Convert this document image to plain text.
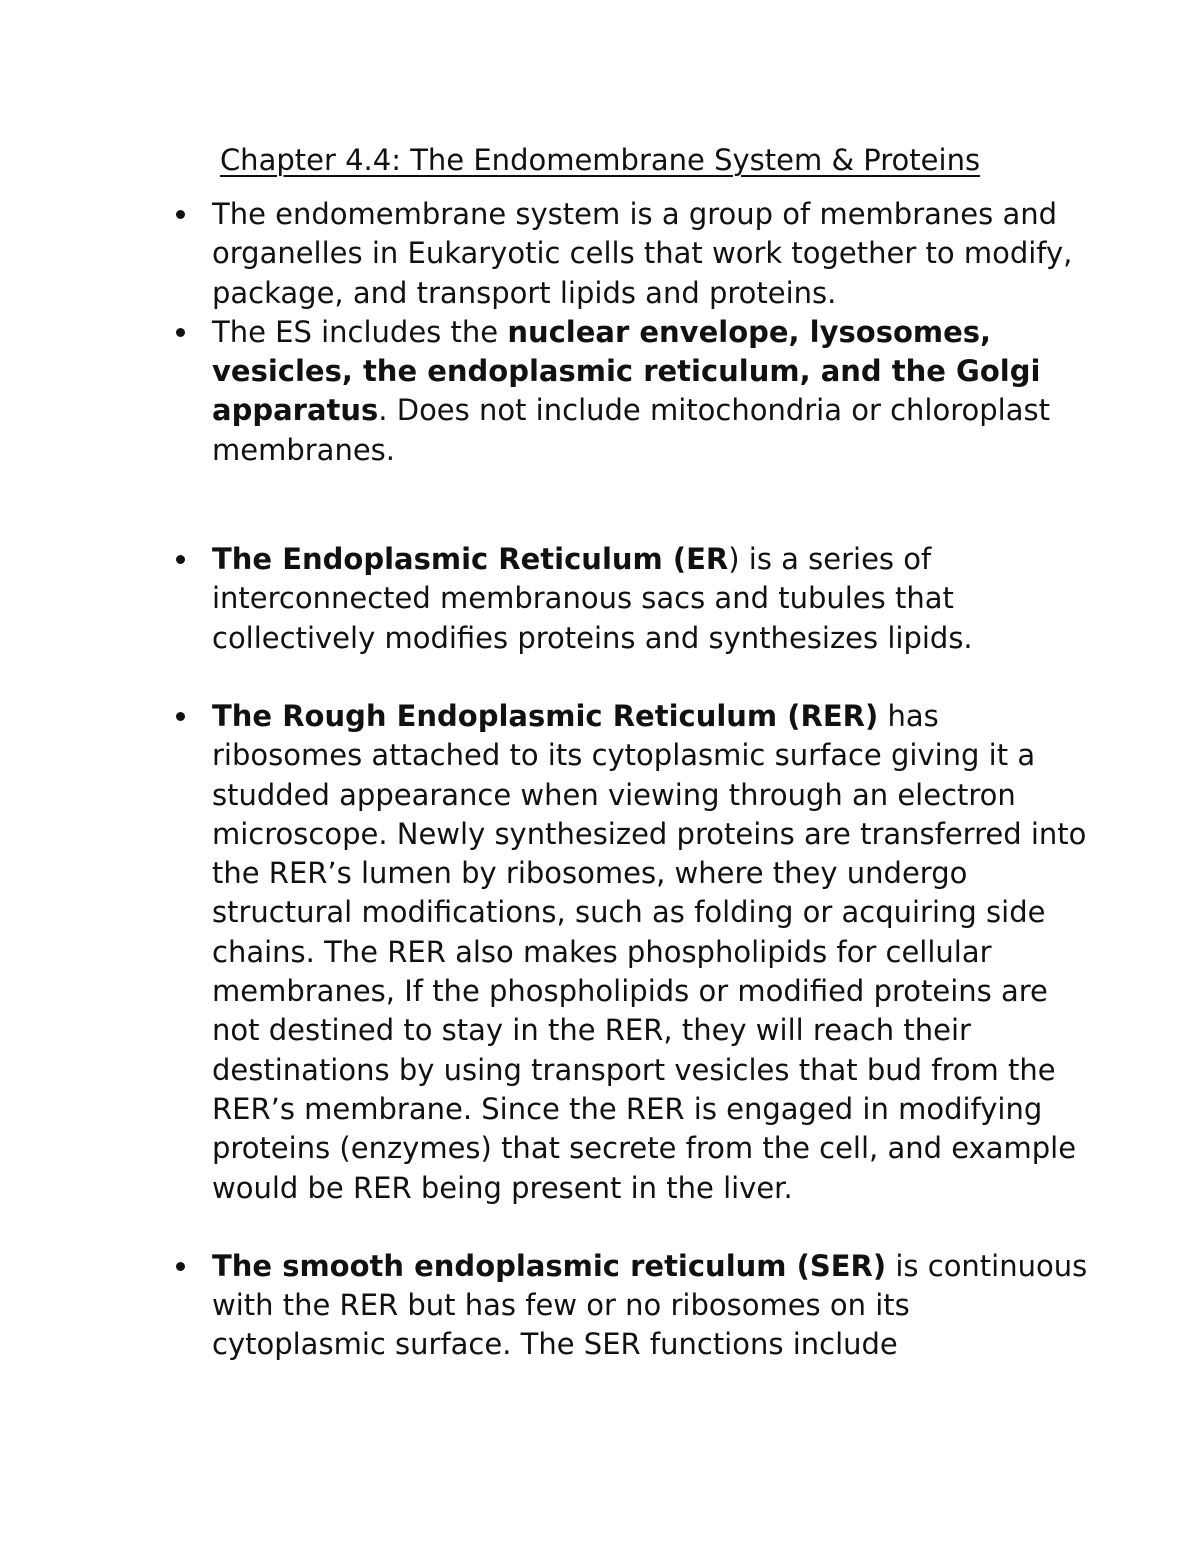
Chapter 4.4: The Endomembrane System & Proteins
The endomembrane system is a group of membranes and organelles in Eukaryotic cells that work together to modify, package, and transport lipids and proteins.
The ES includes the nuclear envelope, lysosomes, vesicles, the endoplasmic reticulum, and the Golgi apparatus. Does not include mitochondria or chloroplast membranes.
The Endoplasmic Reticulum (ER) is a series of interconnected membranous sacs and tubules that collectively modifies proteins and synthesizes lipids.
The Rough Endoplasmic Reticulum (RER) has ribosomes attached to its cytoplasmic surface giving it a studded appearance when viewing through an electron microscope. Newly synthesized proteins are transferred into the RER’s lumen by ribosomes, where they undergo structural modifications, such as folding or acquiring side chains. The RER also makes phospholipids for cellular membranes, If the phospholipids or modified proteins are not destined to stay in the RER, they will reach their destinations by using transport vesicles that bud from the RER’s membrane. Since the RER is engaged in modifying proteins (enzymes) that secrete from the cell, and example would be RER being present in the liver.
The smooth endoplasmic reticulum (SER) is continuous with the RER but has few or no ribosomes on its cytoplasmic surface. The SER functions include
